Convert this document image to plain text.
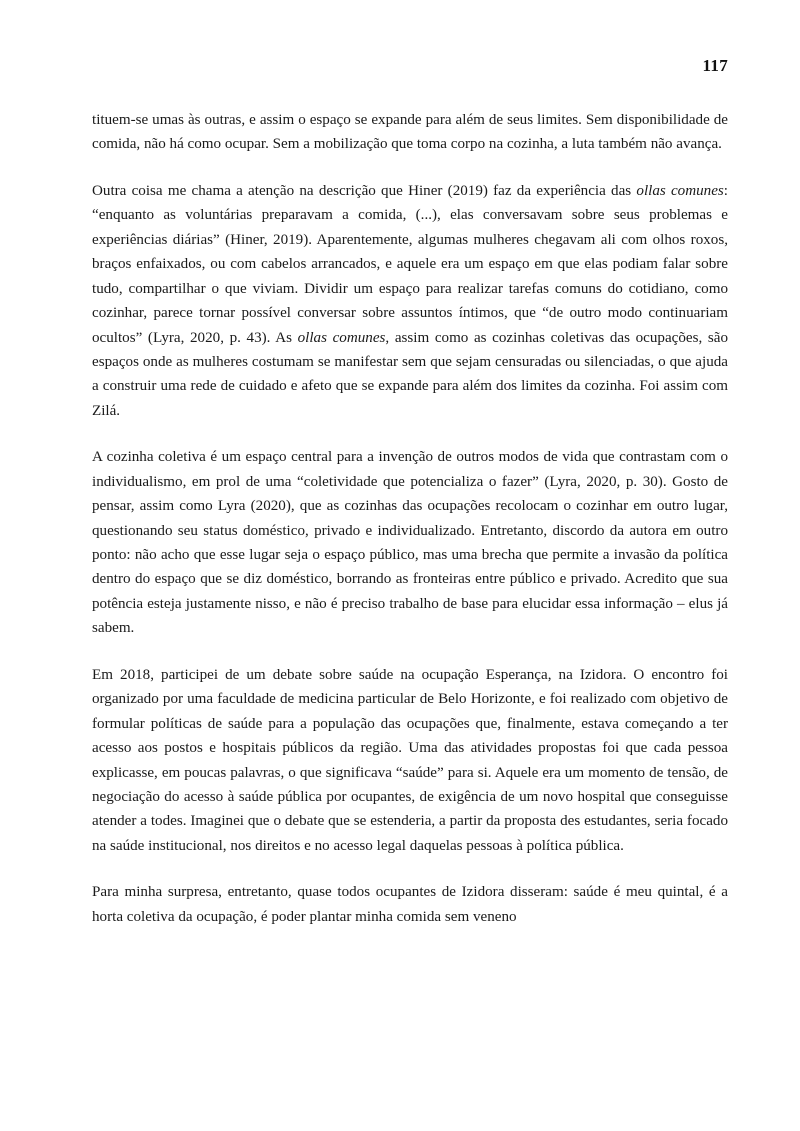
117

tituem-se umas às outras, e assim o espaço se expande para além de seus limites. Sem disponibilidade de comida, não há como ocupar. Sem a mobilização que toma corpo na cozinha, a luta também não avança.

Outra coisa me chama a atenção na descrição que Hiner (2019) faz da experiência das ollas comunes: “enquanto as voluntárias preparavam a comida, (...), elas conversavam sobre seus problemas e experiências diárias” (Hiner, 2019). Aparentemente, algumas mulheres chegavam ali com olhos roxos, braços enfaixados, ou com cabelos arrancados, e aquele era um espaço em que elas podiam falar sobre tudo, compartilhar o que viviam. Dividir um espaço para realizar tarefas comuns do cotidiano, como cozinhar, parece tornar possível conversar sobre assuntos íntimos, que “de outro modo continuariam ocultos” (Lyra, 2020, p. 43). As ollas comunes, assim como as cozinhas coletivas das ocupações, são espaços onde as mulheres costumam se manifestar sem que sejam censuradas ou silenciadas, o que ajuda a construir uma rede de cuidado e afeto que se expande para além dos limites da cozinha. Foi assim com Zilá.

A cozinha coletiva é um espaço central para a invenção de outros modos de vida que contrastam com o individualismo, em prol de uma “coletividade que potencializa o fazer” (Lyra, 2020, p. 30). Gosto de pensar, assim como Lyra (2020), que as cozinhas das ocupações recolocam o cozinhar em outro lugar, questionando seu status doméstico, privado e individualizado. Entretanto, discordo da autora em outro ponto: não acho que esse lugar seja o espaço público, mas uma brecha que permite a invasão da política dentro do espaço que se diz doméstico, borrando as fronteiras entre público e privado. Acredito que sua potência esteja justamente nisso, e não é preciso trabalho de base para elucidar essa informação – elus já sabem.

Em 2018, participei de um debate sobre saúde na ocupação Esperança, na Izidora. O encontro foi organizado por uma faculdade de medicina particular de Belo Horizonte, e foi realizado com objetivo de formular políticas de saúde para a população das ocupações que, finalmente, estava começando a ter acesso aos postos e hospitais públicos da região. Uma das atividades propostas foi que cada pessoa explicasse, em poucas palavras, o que significava “saúde” para si. Aquele era um momento de tensão, de negociação do acesso à saúde pública por ocupantes, de exigência de um novo hospital que conseguisse atender a todes. Imaginei que o debate que se estenderia, a partir da proposta des estudantes, seria focado na saúde institucional, nos direitos e no acesso legal daquelas pessoas à política pública.

Para minha surpresa, entretanto, quase todos ocupantes de Izidora disseram: saúde é meu quintal, é a horta coletiva da ocupação, é poder plantar minha comida sem veneno
